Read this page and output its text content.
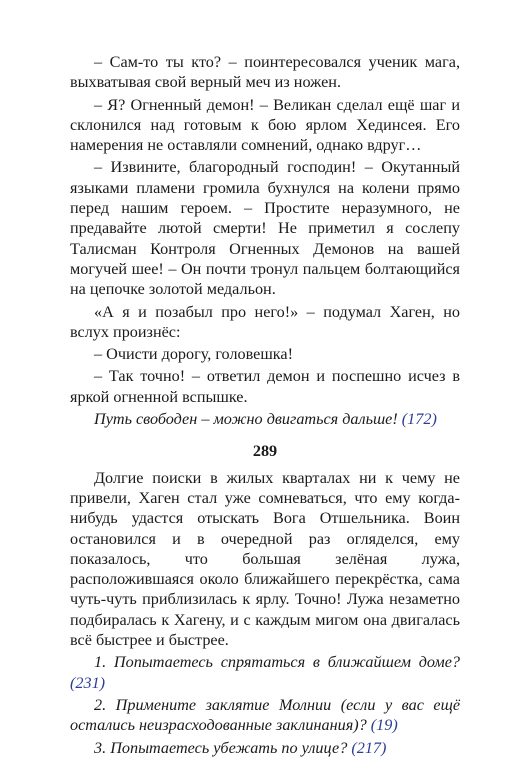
– Сам-то ты кто? – поинтересовался ученик мага, выхватывая свой верный меч из ножен.

– Я? Огненный демон! – Великан сделал ещё шаг и склонился над готовым к бою ярлом Хединсея. Его намерения не оставляли сомнений, однако вдруг…

– Извините, благородный господин! – Окутанный языками пламени громила бухнулся на колени прямо перед нашим героем. – Простите неразумного, не предавайте лютой смерти! Не приметил я сослепу Талисман Контроля Огненных Демонов на вашей могучей шее! – Он почти тронул пальцем болтающийся на цепочке золотой медальон.

«А я и позабыл про него!» – подумал Хаген, но вслух произнёс:

– Очисти дорогу, головешка!

– Так точно! – ответил демон и поспешно исчез в яркой огненной вспышке.

Путь свободен – можно двигаться дальше! (172)

289

Долгие поиски в жилых кварталах ни к чему не привели, Хаген стал уже сомневаться, что ему когда-нибудь удастся отыскать Вога Отшельника. Воин остановился и в очередной раз огляделся, ему показалось, что большая зелёная лужа, расположившаяся около ближайшего перекрёстка, сама чуть-чуть приблизилась к ярлу. Точно! Лужа незаметно подбиралась к Хагену, и с каждым мигом она двигалась всё быстрее и быстрее.

1. Попытаетесь спрятаться в ближайшем доме? (231)

2. Примените заклятие Молнии (если у вас ещё остались неизрасходованные заклинания)? (19)

3. Попытаетесь убежать по улице? (217)
